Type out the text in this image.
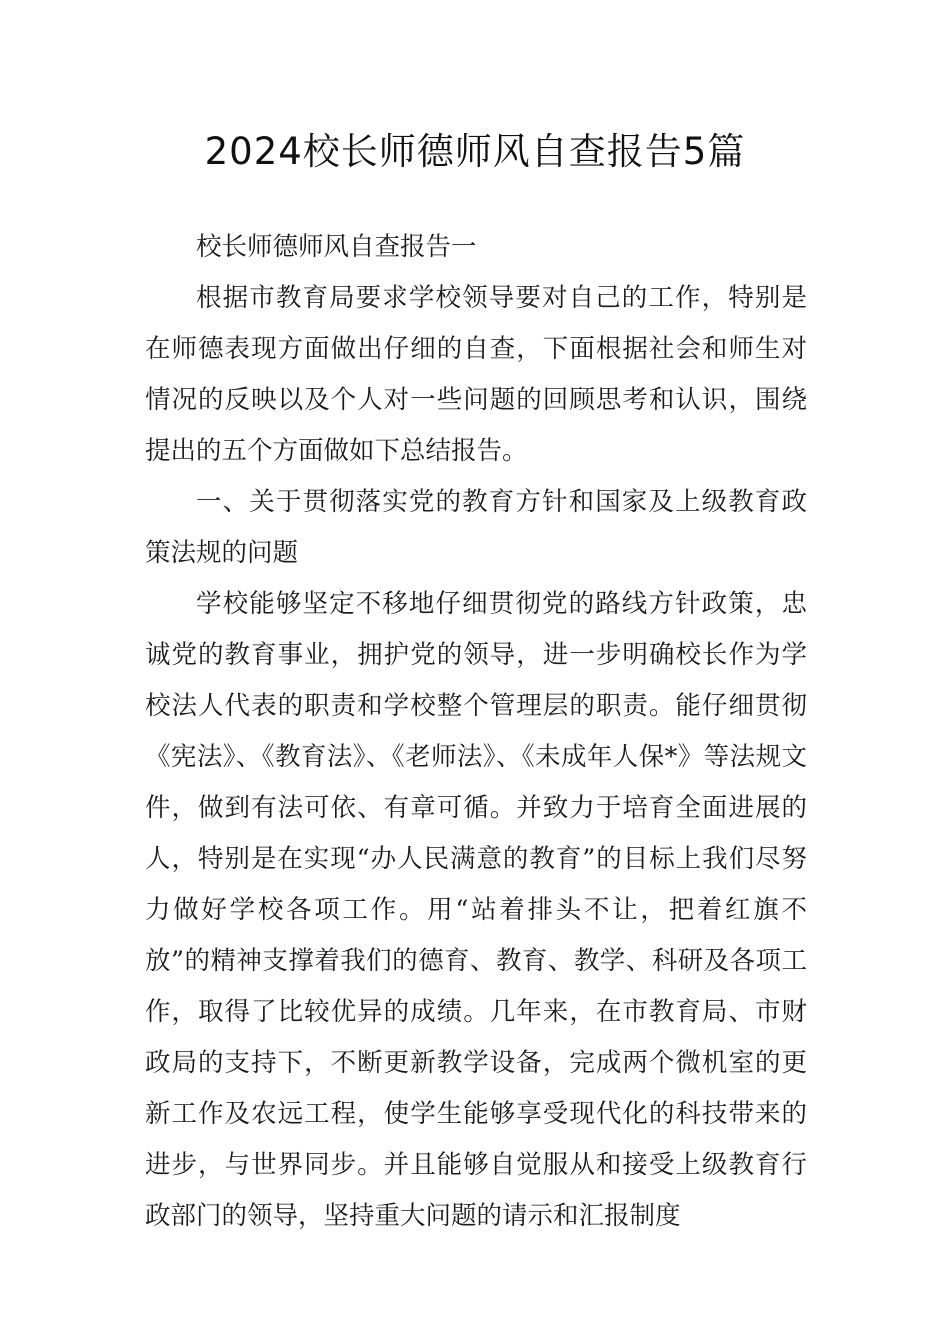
2024校长师德师风自查报告5篇

校长师德师风自查报告一

根据市教育局要求学校领导要对自己的工作，特别是在师德表现方面做出仔细的自查，下面根据社会和师生对情况的反映以及个人对一些问题的回顾思考和认识，围绕提出的五个方面做如下总结报告。

一、关于贯彻落实党的教育方针和国家及上级教育政策法规的问题

学校能够坚定不移地仔细贯彻党的路线方针政策，忠诚党的教育事业，拥护党的领导，进一步明确校长作为学校法人代表的职责和学校整个管理层的职责。能仔细贯彻《宪法》、《教育法》、《老师法》、《未成年人保*》等法规文件，做到有法可依、有章可循。并致力于培育全面进展的人，特别是在实现“办人民满意的教育”的目标上我们尽努力做好学校各项工作。用“站着排头不让，把着红旗不放”的精神支撑着我们的德育、教育、教学、科研及各项工作，取得了比较优异的成绩。几年来，在市教育局、市财政局的支持下，不断更新教学设备，完成两个微机室的更新工作及农远工程，使学生能够享受现代化的科技带来的进步，与世界同步。并且能够自觉服从和接受上级教育行政部门的领导，坚持重大问题的请示和汇报制度
